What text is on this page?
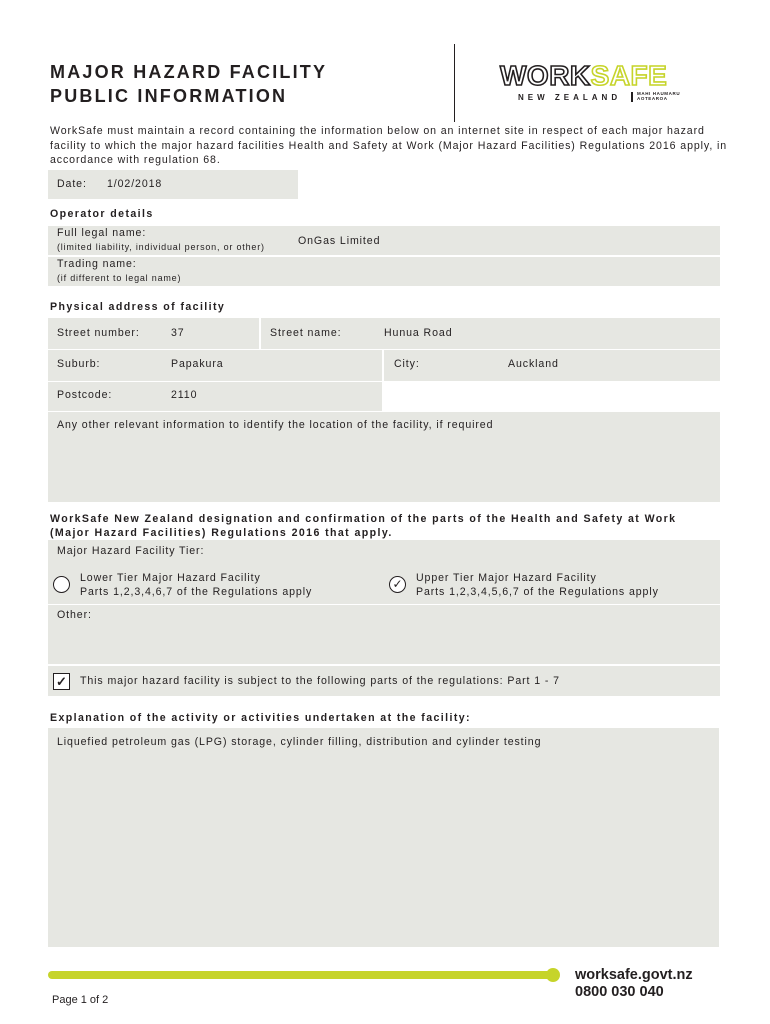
MAJOR HAZARD FACILITY
PUBLIC INFORMATION
WORKSAFE
NEW ZEALAND	MAHI HAUMARU
AOTEAROA
WorkSafe must maintain a record containing the information below on an internet site in respect of each major hazard facility to which the major hazard facilities Health and Safety at Work (Major Hazard Facilities) Regulations 2016 apply, in accordance with regulation 68.
Date: 1/02/2018
Operator details
Full legal name:
(limited liability, individual person, or other)	OnGas Limited
Trading name:
(if different to legal name)
Physical address of facility
Street number:	37	Street name:	Hunua Road
Suburb:	Papakura	City:	Auckland
Postcode:	2110
Any other relevant information to identify the location of the facility, if required
WorkSafe New Zealand designation and confirmation of the parts of the Health and Safety at Work
(Major Hazard Facilities) Regulations 2016 that apply.
Major Hazard Facility Tier:
Lower Tier Major Hazard Facility
Parts 1,2,3,4,6,7 of the Regulations apply
✓	Upper Tier Major Hazard Facility
Parts 1,2,3,4,5,6,7 of the Regulations apply
Other:
✓ This major hazard facility is subject to the following parts of the regulations: Part 1 - 7
Explanation of the activity or activities undertaken at the facility:
Liquefied petroleum gas (LPG) storage, cylinder filling, distribution and cylinder testing
worksafe.govt.nz
0800 030 040
Page 1 of 2
